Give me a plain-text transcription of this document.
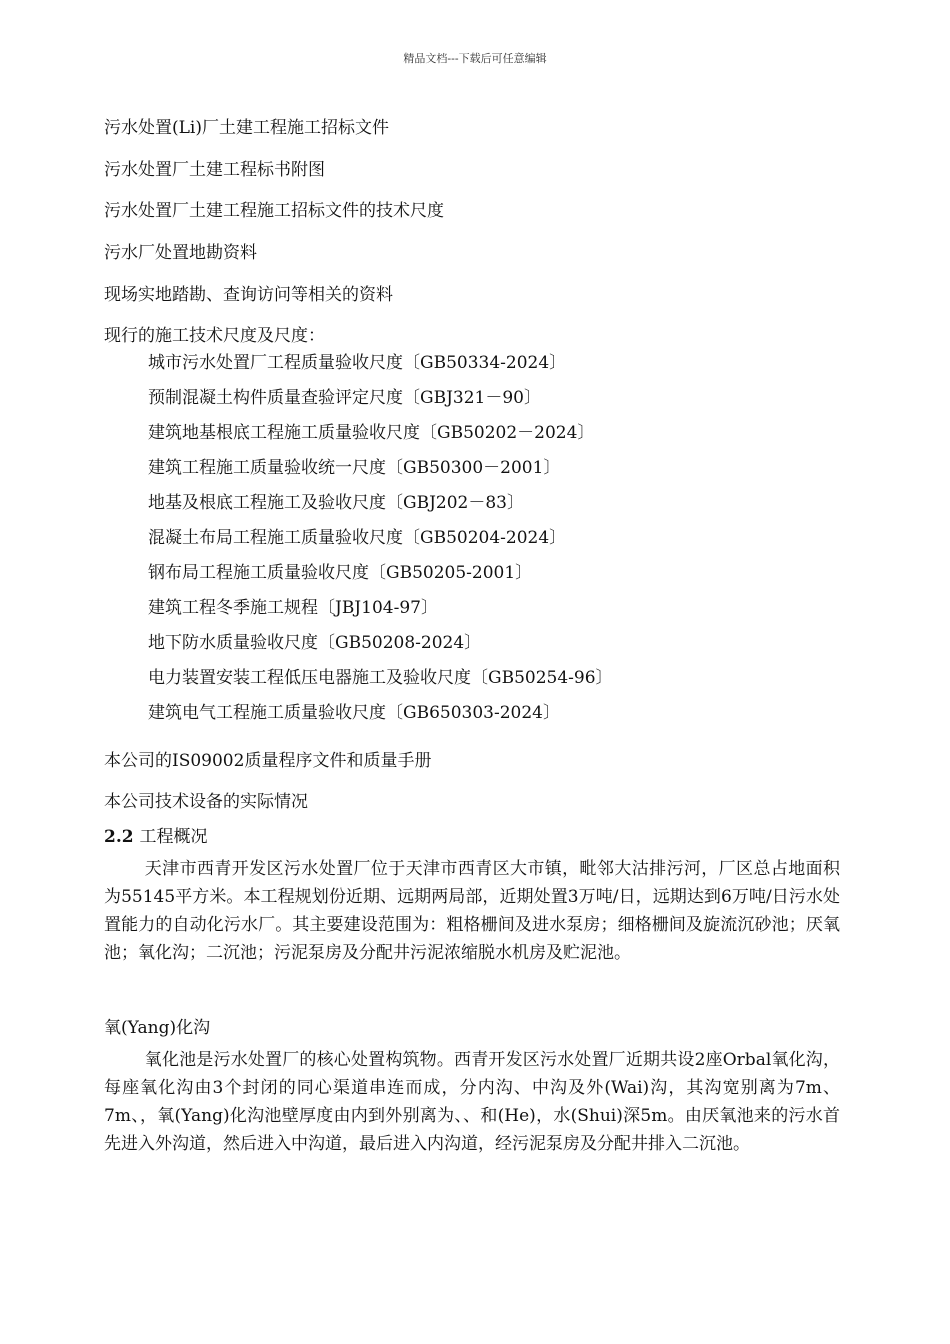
精品文档---下载后可任意编辑
污水处置(Li)厂土建工程施工招标文件
污水处置厂土建工程标书附图
污水处置厂土建工程施工招标文件的技术尺度
污水厂处置地勘资料
现场实地踏勘、查询访问等相关的资料
现行的施工技术尺度及尺度：
城市污水处置厂工程质量验收尺度〔GB50334-2024〕
预制混凝土构件质量查验评定尺度〔GBJ321－90〕
建筑地基根底工程施工质量验收尺度〔GB50202－2024〕
建筑工程施工质量验收统一尺度〔GB50300－2001〕
地基及根底工程施工及验收尺度〔GBJ202－83〕
混凝土布局工程施工质量验收尺度〔GB50204-2024〕
钢布局工程施工质量验收尺度〔GB50205-2001〕
建筑工程冬季施工规程〔JBJ104-97〕
地下防水质量验收尺度〔GB50208-2024〕
电力装置安装工程低压电器施工及验收尺度〔GB50254-96〕
建筑电气工程施工质量验收尺度〔GB650303-2024〕
本公司的IS09002质量程序文件和质量手册
本公司技术设备的实际情况
2.2 工程概况

天津市西青开发区污水处置厂位于天津市西青区大市镇，毗邻大沽排污河，厂区总占地面积为55145平方米。本工程规划份近期、远期两局部，近期处置3万吨/日，远期达到6万吨/日污水处置能力的自动化污水厂。其主要建设范围为：粗格栅间及进水泵房；细格栅间及旋流沉砂池；厌氧池；氧化沟；二沉池；污泥泵房及分配井污泥浓缩脱水机房及贮泥池。

氧(Yang)化沟

氧化池是污水处置厂的核心处置构筑物。西青开发区污水处置厂近期共设2座Orbal氧化沟，每座氧化沟由3个封闭的同心渠道串连而成，分内沟、中沟及外(Wai)沟，其沟宽别离为7m、7m、，氧(Yang)化沟池壁厚度由内到外别离为、、和(He)，水(Shui)深5m。由厌氧池来的污水首先进入外沟道，然后进入中沟道，最后进入内沟道，经污泥泵房及分配井排入二沉池。
